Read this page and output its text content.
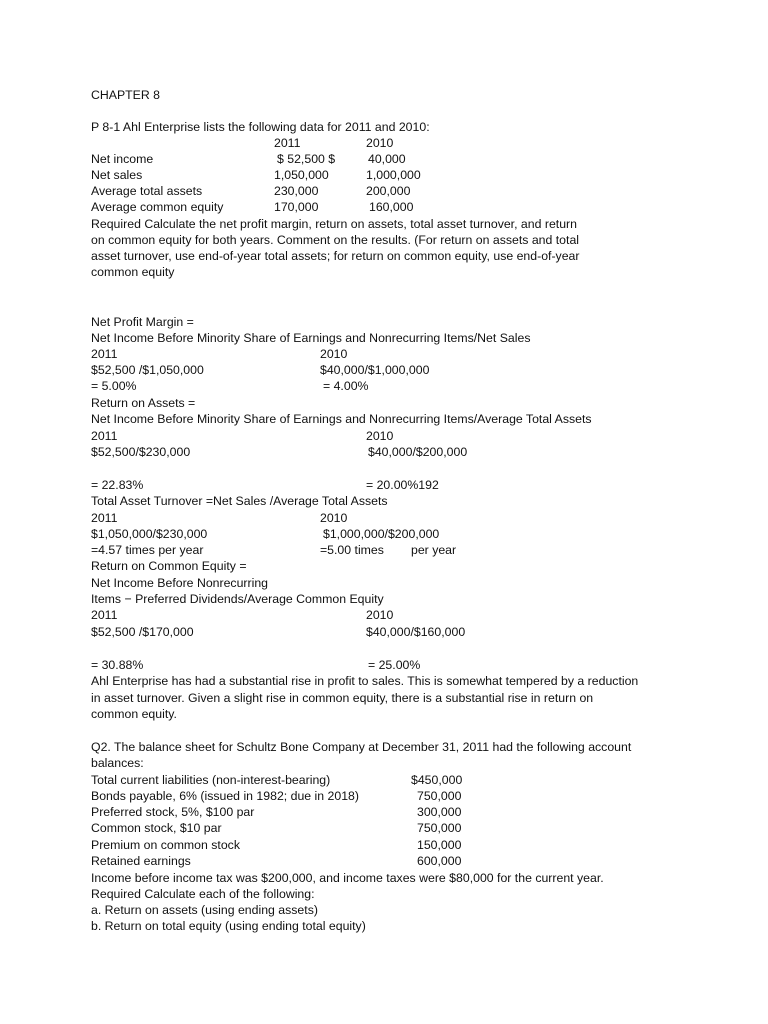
CHAPTER 8
P 8-1 Ahl Enterprise lists the following data for 2011 and 2010:
2011	2010
Net income	$ 52,500 $	40,000
Net sales	1,050,000	1,000,000
Average total assets	230,000	200,000
Average common equity	170,000	160,000
Required Calculate the net profit margin, return on assets, total asset turnover, and return
on common equity for both years. Comment on the results. (For return on assets and total
asset turnover, use end-of-year total assets; for return on common equity, use end-of-year
common equity
Net Profit Margin =
Net Income Before Minority Share of Earnings and Nonrecurring Items/Net Sales
2011	2010
$52,500 /$1,050,000	$40,000/$1,000,000
= 5.00%	= 4.00%
Return on Assets =
Net Income Before Minority Share of Earnings and Nonrecurring Items/Average Total Assets
2011	2010
$52,500/$230,000	$40,000/$200,000
= 22.83%	= 20.00%192
Total Asset Turnover =Net Sales /Average Total Assets
2011	2010
$1,050,000/$230,000	$1,000,000/$200,000
=4.57 times per year	=5.00 times per year
Return on Common Equity =
Net Income Before Nonrecurring
Items − Preferred Dividends/Average Common Equity
2011	2010
$52,500 /$170,000	$40,000/$160,000
= 30.88%	= 25.00%
Ahl Enterprise has had a substantial rise in profit to sales. This is somewhat tempered by a reduction
in asset turnover. Given a slight rise in common equity, there is a substantial rise in return on
common equity.
Q2. The balance sheet for Schultz Bone Company at December 31, 2011 had the following account
balances:
Total current liabilities (non-interest-bearing)	$450,000
Bonds payable, 6% (issued in 1982; due in 2018)	750,000
Preferred stock, 5%, $100 par	300,000
Common stock, $10 par	750,000
Premium on common stock	150,000
Retained earnings	600,000
Income before income tax was $200,000, and income taxes were $80,000 for the current year.
Required Calculate each of the following:
a. Return on assets (using ending assets)
b. Return on total equity (using ending total equity)
